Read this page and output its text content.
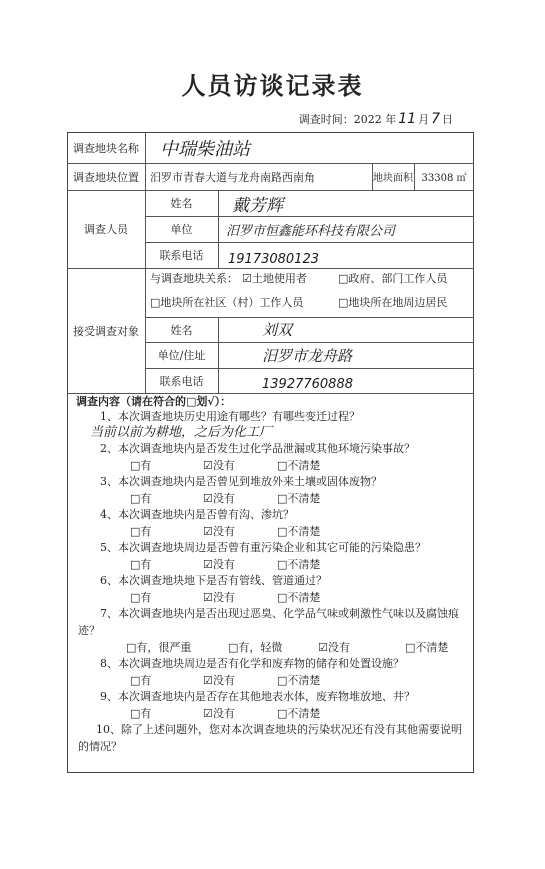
人员访谈记录表
调查时间：2022 年 11 月 7 日
调查地块名称	中瑞柴油站
调查地块位置	汨罗市青春大道与龙舟南路西南角	地块面积 33308 ㎡
调查人员
姓名	戴芳辉
单位	汨罗市恒鑫能环科技有限公司
联系电话	19173080123
接受调查对象
与调查地块关系： ☑土地使用者	□政府、部门工作人员
□地块所在社区（村）工作人员	□地块所在地周边居民
姓名	刘双
单位/住址	汨罗市龙舟路
联系电话	13927760888
调查内容（请在符合的□划√）：
1、本次调查地块历史用途有哪些？有哪些变迁过程？
当前以前为耕地，之后为化工厂
2、本次调查地块内是否发生过化学品泄漏或其他环境污染事故？
□有	☑没有	□不清楚
3、本次调查地块内是否曾见到堆放外来土壤或固体废物？
□有	☑没有	□不清楚
4、本次调查地块内是否曾有沟、渗坑？
□有	☑没有	□不清楚
5、本次调查地块周边是否曾有重污染企业和其它可能的污染隐患？
□有	☑没有	□不清楚
6、本次调查地块地下是否有管线、管道通过？
□有	☑没有	□不清楚
7、本次调查地块内是否出现过恶臭、化学品气味或刺激性气味以及腐蚀痕
迹？
□有，很严重	□有，轻微	☑没有	□不清楚
8、本次调查地块周边是否有化学和废弃物的储存和处置设施？
□有	☑没有	□不清楚
9、本次调查地块内是否存在其他地表水体，废弃物堆放地、井？
□有	☑没有	□不清楚
10、除了上述问题外，您对本次调查地块的污染状况还有没有其他需要说明
的情况？
